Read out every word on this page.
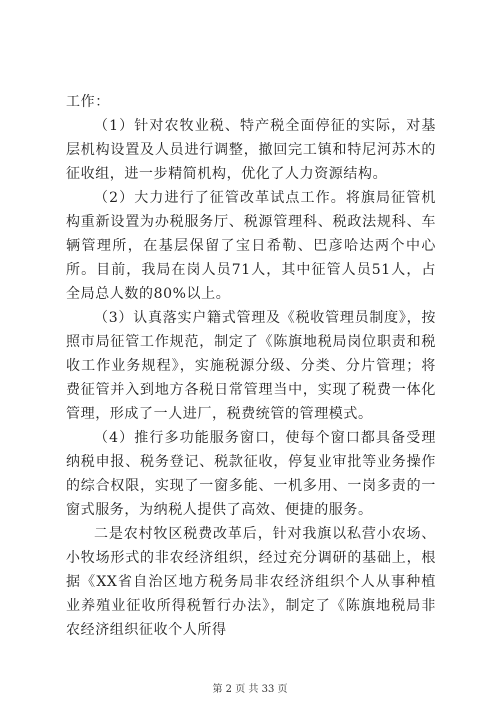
工作：

（1）针对农牧业税、特产税全面停征的实际，对基层机构设置及人员进行调整，撤回完工镇和特尼河苏木的征收组，进一步精简机构，优化了人力资源结构。

（2）大力进行了征管改革试点工作。将旗局征管机构重新设置为办税服务厅、税源管理科、税政法规科、车辆管理所，在基层保留了宝日希勒、巴彦哈达两个中心所。目前，我局在岗人员71人，其中征管人员51人，占全局总人数的80%以上。

（3）认真落实户籍式管理及《税收管理员制度》，按照市局征管工作规范，制定了《陈旗地税局岗位职责和税收工作业务规程》，实施税源分级、分类、分片管理；将费征管并入到地方各税日常管理当中，实现了税费一体化管理，形成了一人进厂，税费统管的管理模式。

（4）推行多功能服务窗口，使每个窗口都具备受理纳税申报、税务登记、税款征收，停复业审批等业务操作的综合权限，实现了一窗多能、一机多用、一岗多责的一窗式服务，为纳税人提供了高效、便捷的服务。

二是农村牧区税费改革后，针对我旗以私营小农场、小牧场形式的非农经济组织，经过充分调研的基础上，根据《XX省自治区地方税务局非农经济组织个人从事种植业养殖业征收所得税暂行办法》，制定了《陈旗地税局非农经济组织征收个人所得

第 2 页 共 33 页
